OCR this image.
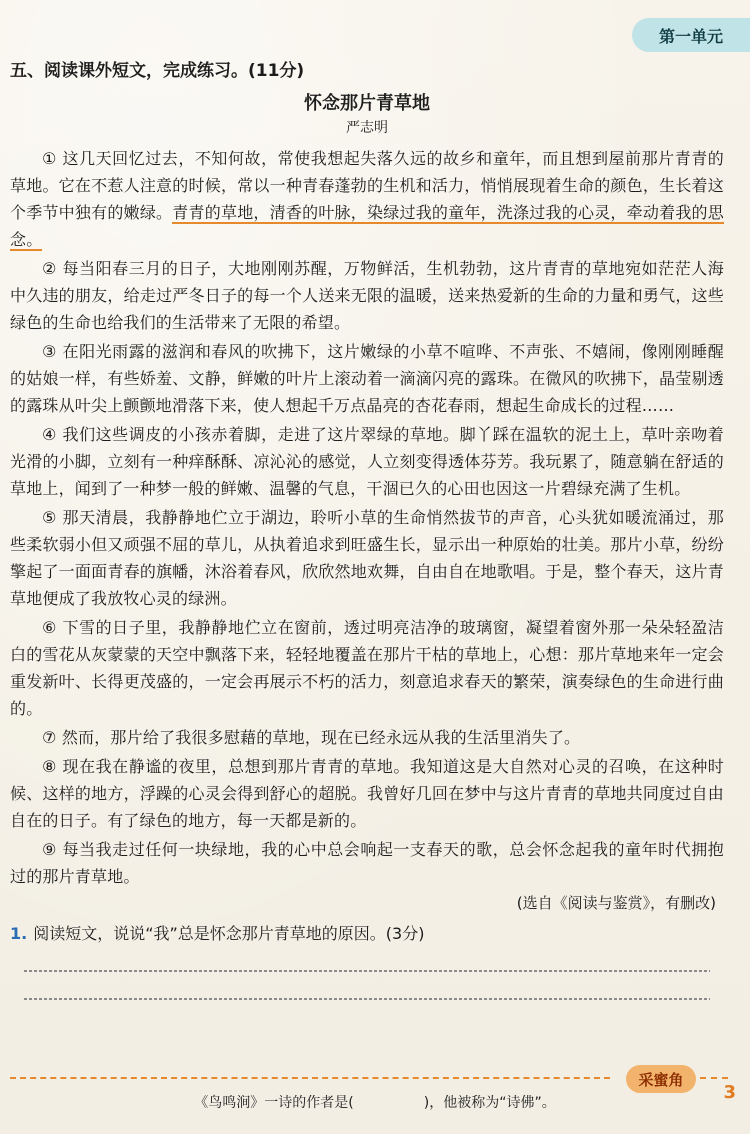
第一单元
五、阅读课外短文，完成练习。(11分)
怀念那片青草地
严志明

① 这几天回忆过去，不知何故，常使我想起失落久远的故乡和童年，而且想到屋前那片青青的草地。它在不惹人注意的时候，常以一种青春蓬勃的生机和活力，悄悄展现着生命的颜色，生长着这个季节中独有的嫩绿。青青的草地，清香的叶脉，染绿过我的童年，洗涤过我的心灵，牵动着我的思念。

② 每当阳春三月的日子，大地刚刚苏醒，万物鲜活，生机勃勃，这片青青的草地宛如茫茫人海中久违的朋友，给走过严冬日子的每一个人送来无限的温暖，送来热爱新的生命的力量和勇气，这些绿色的生命也给我们的生活带来了无限的希望。

③ 在阳光雨露的滋润和春风的吹拂下，这片嫩绿的小草不喧哗、不声张、不嬉闹，像刚刚睡醒的姑娘一样，有些娇羞、文静，鲜嫩的叶片上滚动着一滴滴闪亮的露珠。在微风的吹拂下，晶莹剔透的露珠从叶尖上颤颤地滑落下来，使人想起千万点晶亮的杏花春雨，想起生命成长的过程……

④ 我们这些调皮的小孩赤着脚，走进了这片翠绿的草地。脚丫踩在温软的泥土上，草叶亲吻着光滑的小脚，立刻有一种痒酥酥、凉沁沁的感觉，人立刻变得透体芬芳。我玩累了，随意躺在舒适的草地上，闻到了一种梦一般的鲜嫩、温馨的气息，干涸已久的心田也因这一片碧绿充满了生机。

⑤ 那天清晨，我静静地伫立于湖边，聆听小草的生命悄然拔节的声音，心头犹如暖流涌过，那些柔软弱小但又顽强不屈的草儿，从执着追求到旺盛生长，显示出一种原始的壮美。那片小草，纷纷擎起了一面面青春的旗幡，沐浴着春风，欣欣然地欢舞，自由自在地歌唱。于是，整个春天，这片青草地便成了我放牧心灵的绿洲。

⑥ 下雪的日子里，我静静地伫立在窗前，透过明亮洁净的玻璃窗，凝望着窗外那一朵朵轻盈洁白的雪花从灰蒙蒙的天空中飘落下来，轻轻地覆盖在那片干枯的草地上，心想：那片草地来年一定会重发新叶、长得更茂盛的，一定会再展示不朽的活力，刻意追求春天的繁荣，演奏绿色的生命进行曲的。

⑦ 然而，那片给了我很多慰藉的草地，现在已经永远从我的生活里消失了。

⑧ 现在我在静谧的夜里，总想到那片青青的草地。我知道这是大自然对心灵的召唤，在这种时候、这样的地方，浮躁的心灵会得到舒心的超脱。我曾好几回在梦中与这片青青的草地共同度过自由自在的日子。有了绿色的地方，每一天都是新的。

⑨ 每当我走过任何一块绿地，我的心中总会响起一支春天的歌，总会怀念起我的童年时代拥抱过的那片青草地。

(选自《阅读与鉴赏》，有删改)
1. 阅读短文，说说“我”总是怀念那片青草地的原因。(3分)
采蜜角
3
《鸟鸣涧》一诗的作者是(	)，他被称为“诗佛”。
